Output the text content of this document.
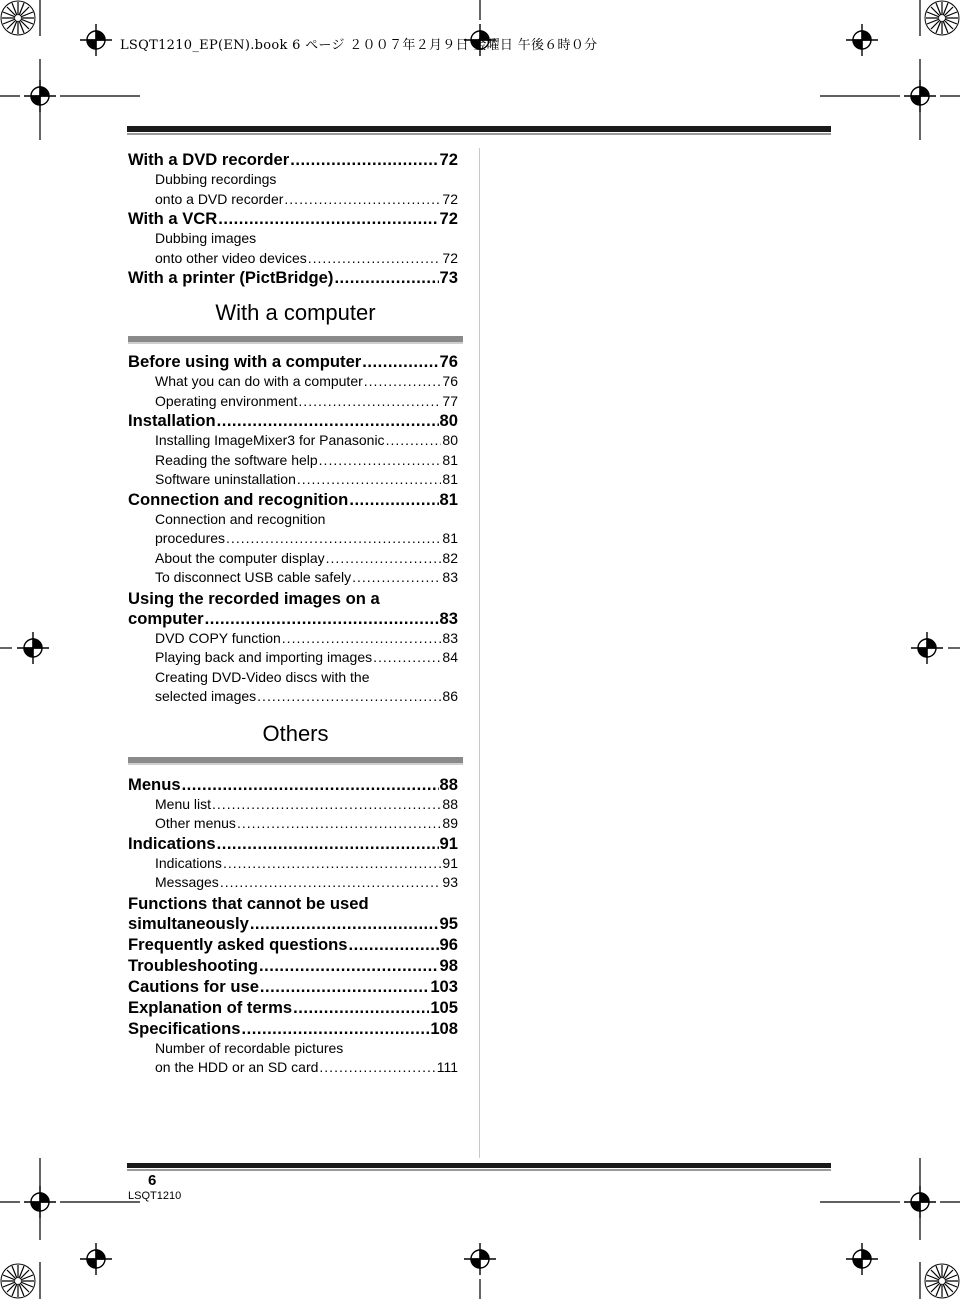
LSQT1210_EP(EN).book 6 ページ ２００７年２月９日 金曜日 午後６時０分
With a DVD recorder .....	72
Dubbing recordings
onto a DVD recorder .....	72
With a VCR .....	72
Dubbing images
onto other video devices .....	72
With a printer (PictBridge) .....	73
With a computer
Before using with a computer .....	76
What you can do with a computer .....	76
Operating environment .....	77
Installation .....	80
Installing ImageMixer3 for Panasonic .....	80
Reading the software help .....	81
Software uninstallation .....	81
Connection and recognition .....	81
Connection and recognition
procedures .....	81
About the computer display .....	82
To disconnect USB cable safely .....	83
Using the recorded images on a
computer .....	83
DVD COPY function .....	83
Playing back and importing images .....	84
Creating DVD-Video discs with the
selected images .....	86
Others
Menus .....	88
Menu list .....	88
Other menus .....	89
Indications .....	91
Indications .....	91
Messages .....	93
Functions that cannot be used
simultaneously .....	95
Frequently asked questions .....	96
Troubleshooting .....	98
Cautions for use .....	103
Explanation of terms .....	105
Specifications .....	108
Number of recordable pictures
on the HDD or an SD card .....	111
6
LSQT1210
